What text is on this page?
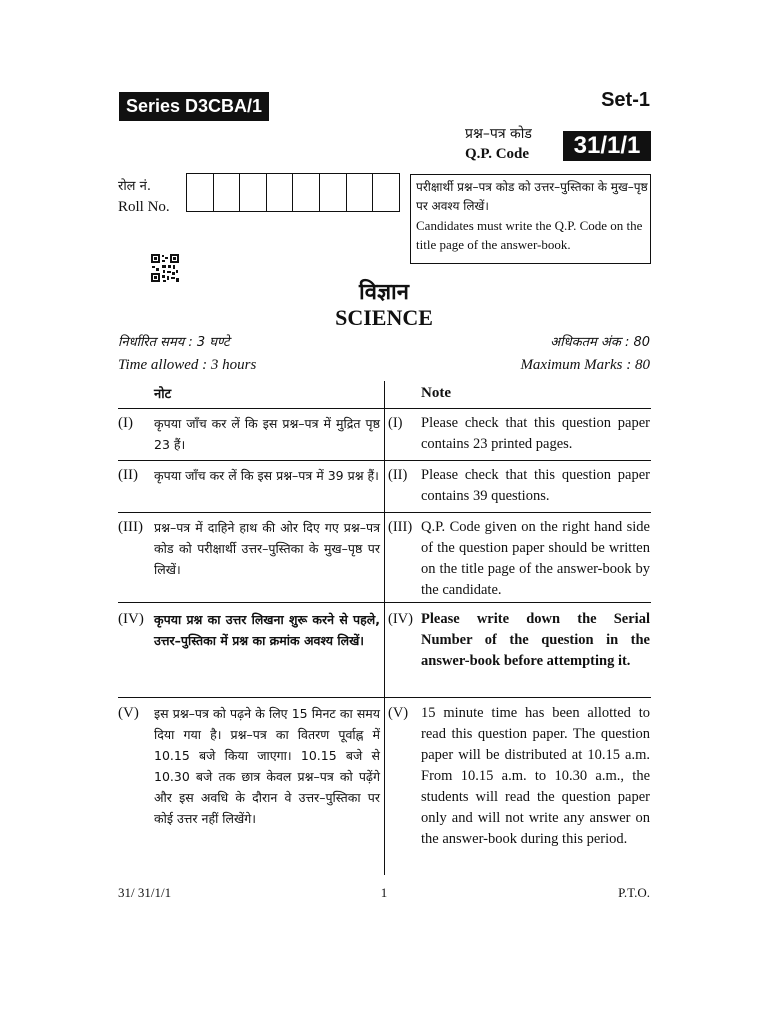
Series D3CBA/1	Set-1
प्रश्न–पत्र कोड
Q.P. Code	31/1/1
रोल नं.
Roll No.
परीक्षार्थी प्रश्न–पत्र कोड को उत्तर–पुस्तिका के मुख–पृष्ठ पर अवश्य लिखें।
Candidates must write the Q.P. Code on the title page of the answer-book.
विज्ञान
SCIENCE
निर्धारित समय : 3 घण्टे
Time allowed : 3 hours
अधिकतम अंक : 80
Maximum Marks : 80
नोट	Note
(I) कृपया जाँच कर लें कि इस प्रश्न–पत्र में मुद्रित पृष्ठ 23 हैं।
(I) Please check that this question paper contains 23 printed pages.
(II) कृपया जाँच कर लें कि इस प्रश्न–पत्र में 39 प्रश्न हैं। (II) Please check that this question paper contains 39 questions.
(III) प्रश्न–पत्र में दाहिने हाथ की ओर दिए गए प्रश्न–पत्र कोड को परीक्षार्थी उत्तर–पुस्तिका के मुख–पृष्ठ पर लिखें।
(III) Q.P. Code given on the right hand side of the question paper should be written on the title page of the answer-book by the candidate.
(IV) कृपया प्रश्न का उत्तर लिखना शुरू करने से पहले, उत्तर–पुस्तिका में प्रश्न का क्रमांक अवश्य लिखें।
(IV) Please write down the Serial Number of the question in the answer-book before attempting it.
(V) इस प्रश्न–पत्र को पढ़ने के लिए 15 मिनट का समय दिया गया है। प्रश्न–पत्र का वितरण पूर्वाह्न में 10.15 बजे किया जाएगा। 10.15 बजे से 10.30 बजे तक छात्र केवल प्रश्न–पत्र को पढ़ेंगे और इस अवधि के दौरान वे उत्तर–पुस्तिका पर कोई उत्तर नहीं लिखेंगे।
(V) 15 minute time has been allotted to read this question paper. The question paper will be distributed at 10.15 a.m. From 10.15 a.m. to 10.30 a.m., the students will read the question paper only and will not write any answer on the answer-book during this period.
31/ 31/1/1	1	P.T.O.
